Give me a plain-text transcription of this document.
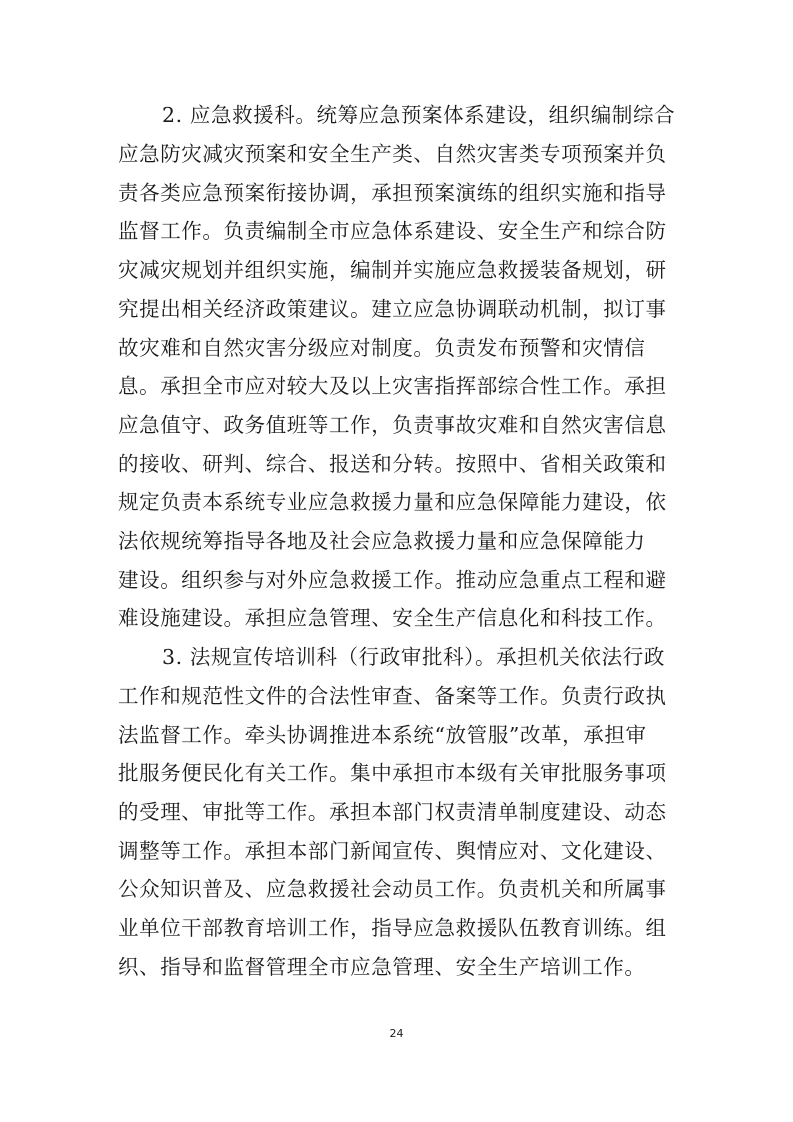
2. 应急救援科。统筹应急预案体系建设，组织编制综合
应急防灾减灾预案和安全生产类、自然灾害类专项预案并负
责各类应急预案衔接协调，承担预案演练的组织实施和指导
监督工作。负责编制全市应急体系建设、安全生产和综合防
灾减灾规划并组织实施，编制并实施应急救援装备规划，研
究提出相关经济政策建议。建立应急协调联动机制，拟订事
故灾难和自然灾害分级应对制度。负责发布预警和灾情信
息。承担全市应对较大及以上灾害指挥部综合性工作。承担
应急值守、政务值班等工作，负责事故灾难和自然灾害信息
的接收、研判、综合、报送和分转。按照中、省相关政策和
规定负责本系统专业应急救援力量和应急保障能力建设，依
法依规统筹指导各地及社会应急救援力量和应急保障能力
建设。组织参与对外应急救援工作。推动应急重点工程和避
难设施建设。承担应急管理、安全生产信息化和科技工作。
3. 法规宣传培训科（行政审批科）。承担机关依法行政
工作和规范性文件的合法性审查、备案等工作。负责行政执
法监督工作。牵头协调推进本系统“放管服”改革，承担审
批服务便民化有关工作。集中承担市本级有关审批服务事项
的受理、审批等工作。承担本部门权责清单制度建设、动态
调整等工作。承担本部门新闻宣传、舆情应对、文化建设、
公众知识普及、应急救援社会动员工作。负责机关和所属事
业单位干部教育培训工作，指导应急救援队伍教育训练。组
织、指导和监督管理全市应急管理、安全生产培训工作。
24
